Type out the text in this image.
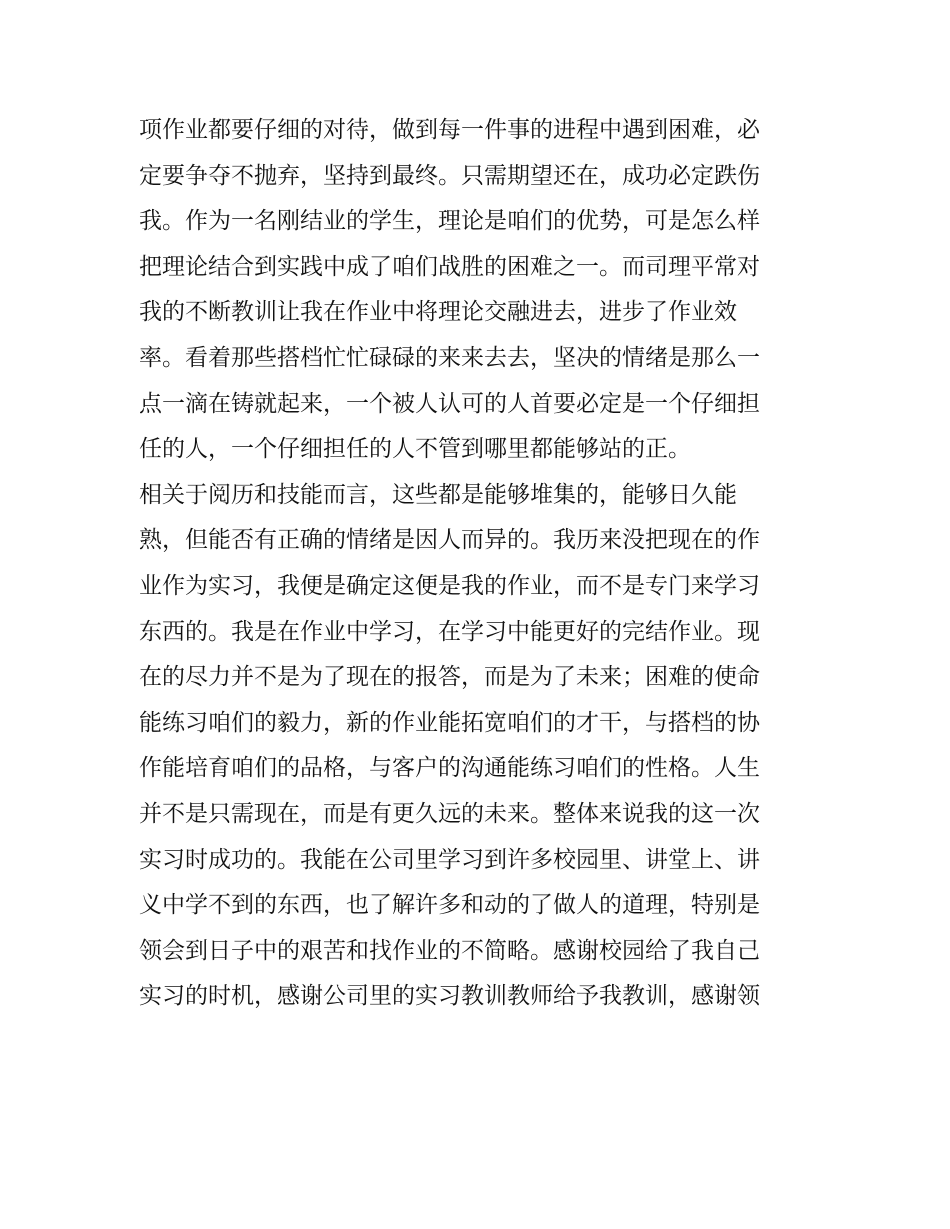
项作业都要仔细的对待，做到每一件事的进程中遇到困难，必
定要争夺不抛弃，坚持到最终。只需期望还在，成功必定跌伤
我。作为一名刚结业的学生，理论是咱们的优势，可是怎么样
把理论结合到实践中成了咱们战胜的困难之一。而司理平常对
我的不断教训让我在作业中将理论交融进去，进步了作业效
率。看着那些搭档忙忙碌碌的来来去去，坚决的情绪是那么一
点一滴在铸就起来，一个被人认可的人首要必定是一个仔细担
任的人，一个仔细担任的人不管到哪里都能够站的正。
相关于阅历和技能而言，这些都是能够堆集的，能够日久能
熟，但能否有正确的情绪是因人而异的。我历来没把现在的作
业作为实习，我便是确定这便是我的作业，而不是专门来学习
东西的。我是在作业中学习，在学习中能更好的完结作业。现
在的尽力并不是为了现在的报答，而是为了未来；困难的使命
能练习咱们的毅力，新的作业能拓宽咱们的才干，与搭档的协
作能培育咱们的品格，与客户的沟通能练习咱们的性格。人生
并不是只需现在，而是有更久远的未来。整体来说我的这一次
实习时成功的。我能在公司里学习到许多校园里、讲堂上、讲
义中学不到的东西，也了解许多和动的了做人的道理，特别是
领会到日子中的艰苦和找作业的不简略。感谢校园给了我自己
实习的时机，感谢公司里的实习教训教师给予我教训，感谢领
